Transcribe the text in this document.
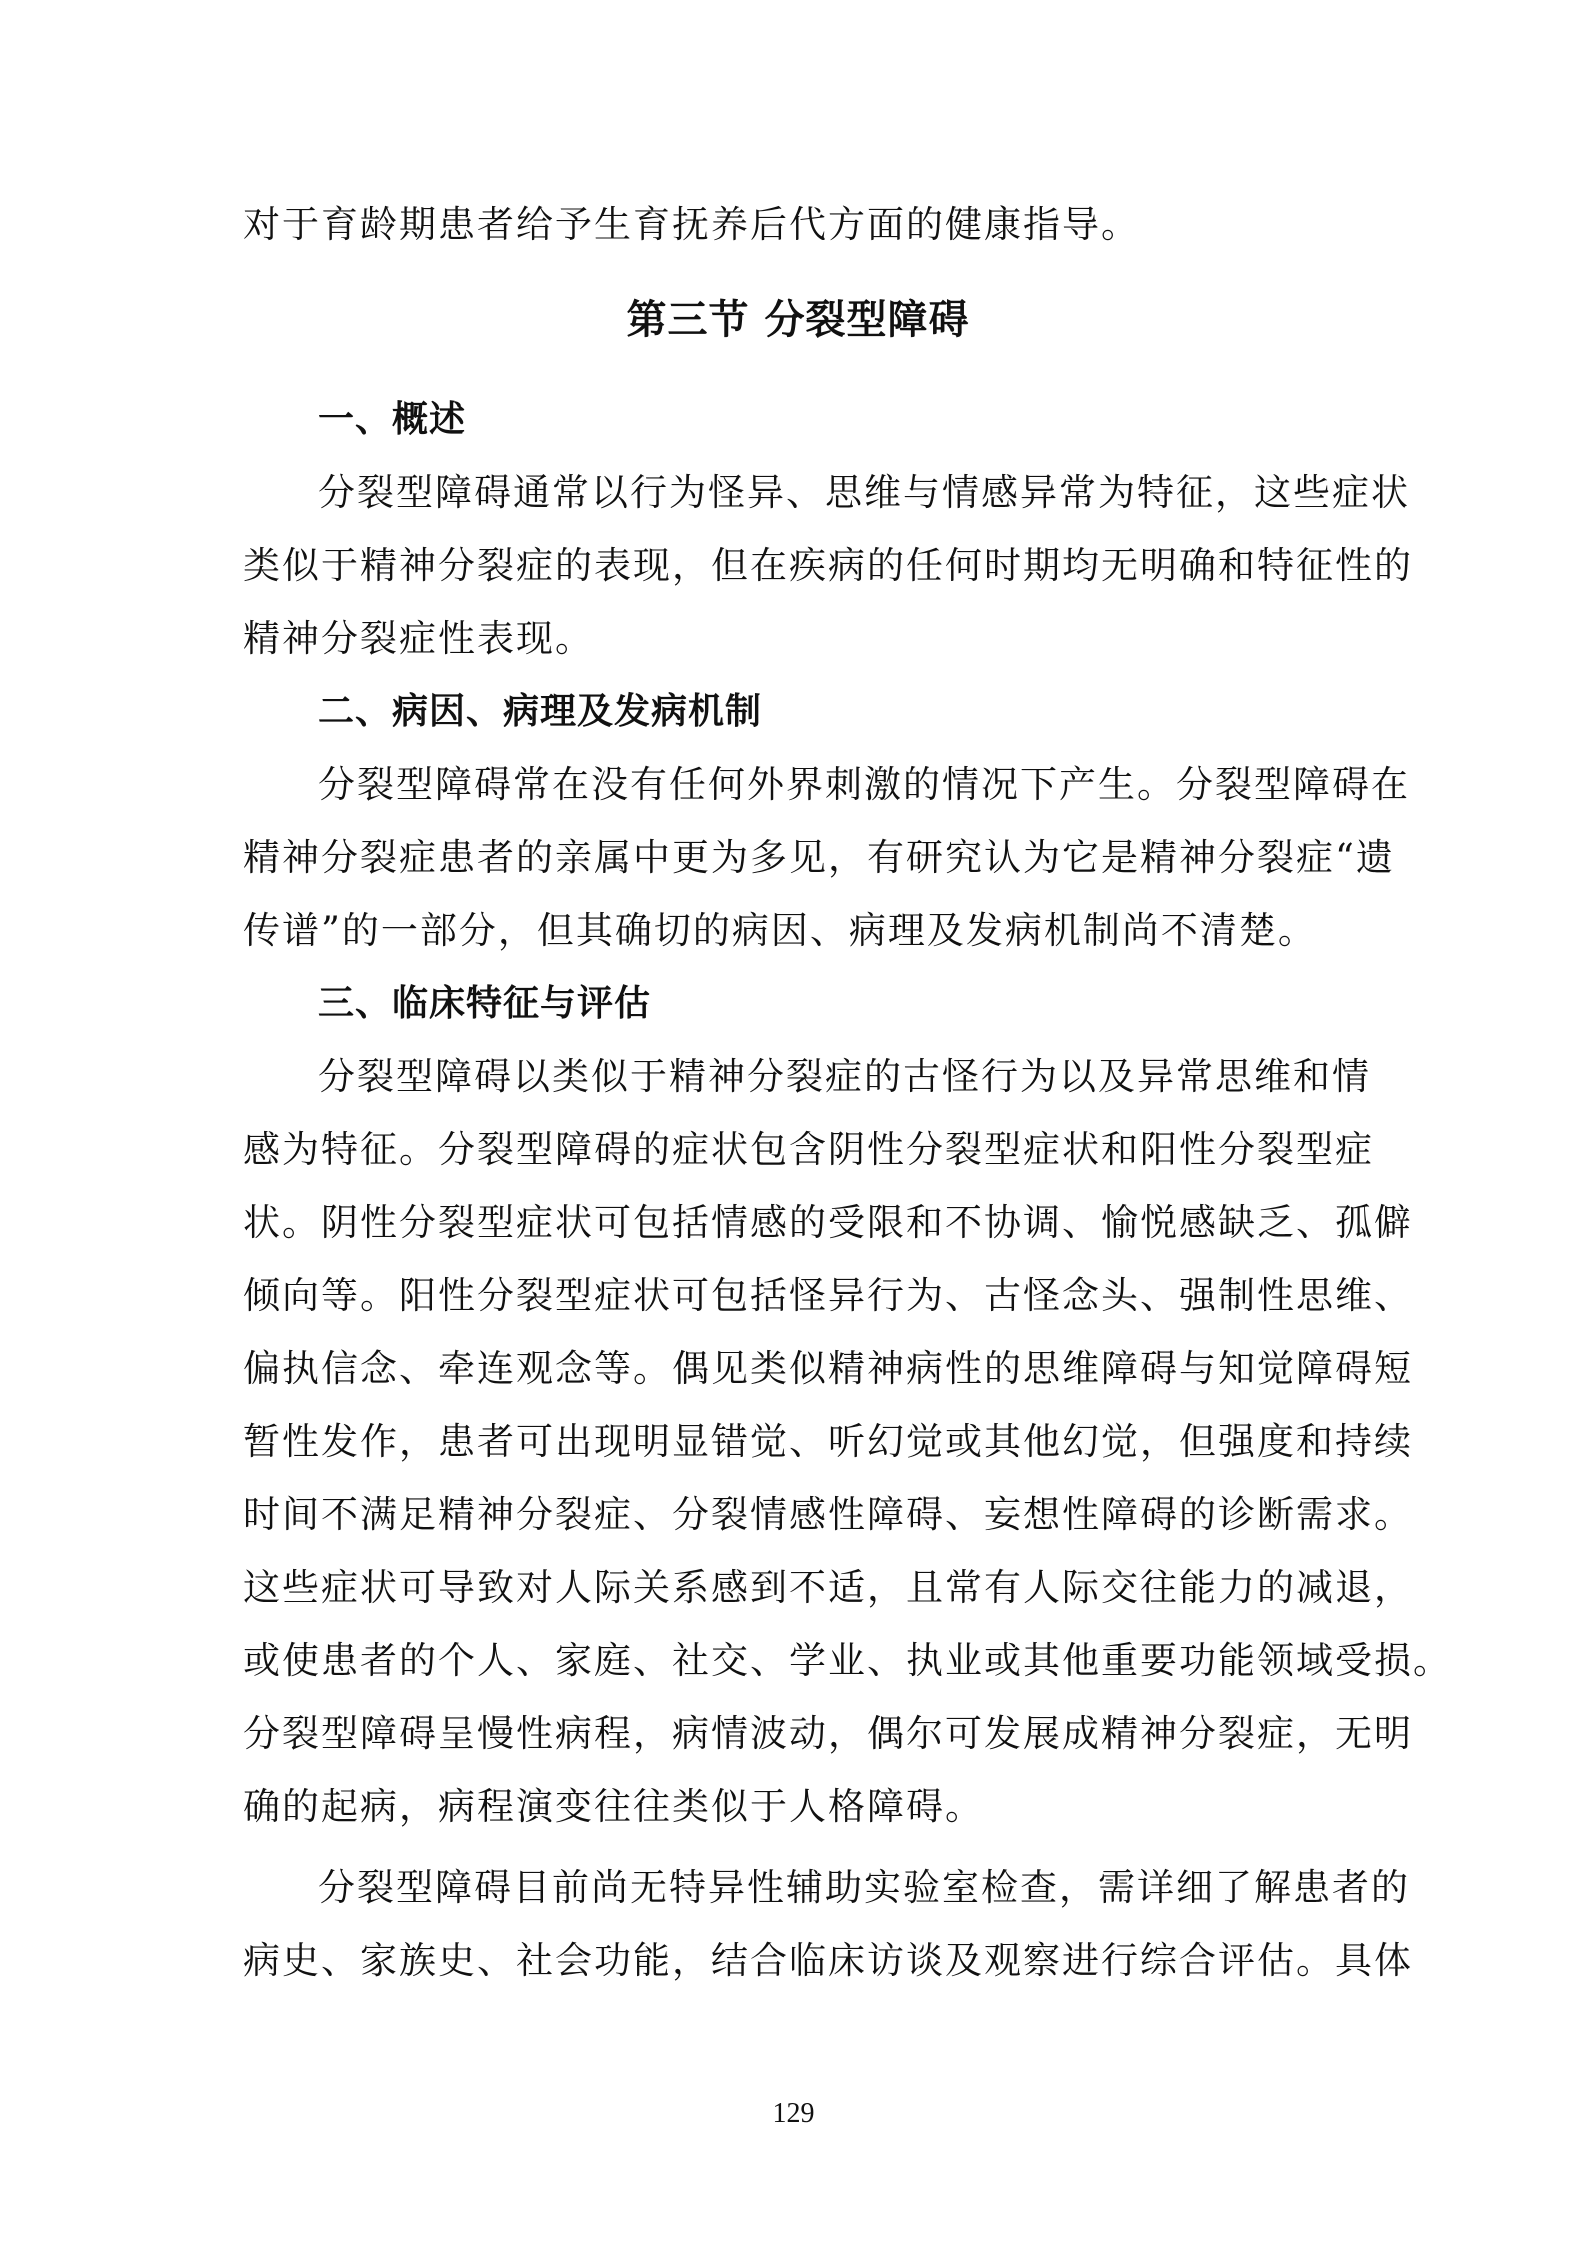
对于育龄期患者给予生育抚养后代方面的健康指导。
第三节 分裂型障碍
一、概述
分裂型障碍通常以行为怪异、思维与情感异常为特征，这些症状
类似于精神分裂症的表现，但在疾病的任何时期均无明确和特征性的
精神分裂症性表现。
二、病因、病理及发病机制
分裂型障碍常在没有任何外界刺激的情况下产生。分裂型障碍在
精神分裂症患者的亲属中更为多见，有研究认为它是精神分裂症“遗
传谱”的一部分，但其确切的病因、病理及发病机制尚不清楚。
三、临床特征与评估
分裂型障碍以类似于精神分裂症的古怪行为以及异常思维和情
感为特征。分裂型障碍的症状包含阴性分裂型症状和阳性分裂型症
状。阴性分裂型症状可包括情感的受限和不协调、愉悦感缺乏、孤僻
倾向等。阳性分裂型症状可包括怪异行为、古怪念头、强制性思维、
偏执信念、牵连观念等。偶见类似精神病性的思维障碍与知觉障碍短
暂性发作，患者可出现明显错觉、听幻觉或其他幻觉，但强度和持续
时间不满足精神分裂症、分裂情感性障碍、妄想性障碍的诊断需求。
这些症状可导致对人际关系感到不适，且常有人际交往能力的减退，
或使患者的个人、家庭、社交、学业、执业或其他重要功能领域受损。
分裂型障碍呈慢性病程，病情波动，偶尔可发展成精神分裂症，无明
确的起病，病程演变往往类似于人格障碍。
分裂型障碍目前尚无特异性辅助实验室检查，需详细了解患者的
病史、家族史、社会功能，结合临床访谈及观察进行综合评估。具体
129
